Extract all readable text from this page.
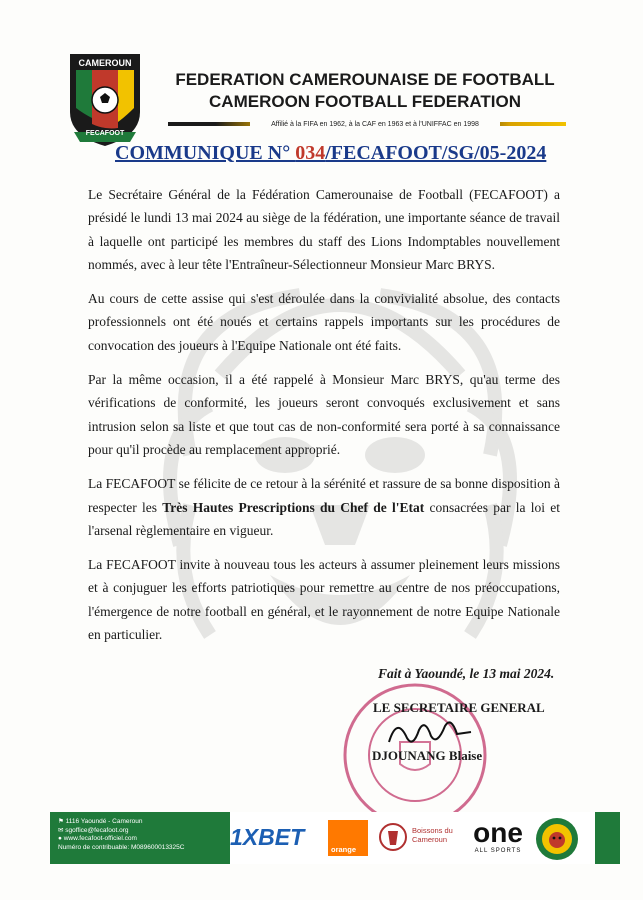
CAMEROUN
FECAFOOT
FEDERATION CAMEROUNAISE DE FOOTBALL
CAMEROON FOOTBALL FEDERATION
Affilié à la FIFA en 1962, à la CAF en 1963 et à l'UNIFFAC en 1998
COMMUNIQUE N° 034/FECAFOOT/SG/05-2024

Le Secrétaire Général de la Fédération Camerounaise de Football (FECAFOOT) a présidé le lundi 13 mai 2024 au siège de la fédération, une importante séance de travail à laquelle ont participé les membres du staff des Lions Indomptables nouvellement nommés, avec à leur tête l'Entraîneur-Sélectionneur Monsieur Marc BRYS.

Au cours de cette assise qui s'est déroulée dans la convivialité absolue, des contacts professionnels ont été noués et certains rappels importants sur les procédures de convocation des joueurs à l'Equipe Nationale ont été faits.

Par la même occasion, il a été rappelé à Monsieur Marc BRYS, qu'au terme des vérifications de conformité, les joueurs seront convoqués exclusivement et sans intrusion selon sa liste et que tout cas de non-conformité sera porté à sa connaissance pour qu'il procède au remplacement approprié.

La FECAFOOT se félicite de ce retour à la sérénité et rassure de sa bonne disposition à respecter les Très Hautes Prescriptions du Chef de l'Etat consacrées par la loi et l'arsenal règlementaire en vigueur.

La FECAFOOT invite à nouveau tous les acteurs à assumer pleinement leurs missions et à conjuguer les efforts patriotiques pour remettre au centre de nos préoccupations, l'émergence de notre football en général, et le rayonnement de notre Equipe Nationale en particulier.

Fait à Yaoundé, le 13 mai 2024.
LE SECRETAIRE GENERAL
DJOUNANG Blaise
⚑ 1116 Yaoundé - Cameroun
✉ sgoffice@fecafoot.org
● www.fecafoot-officiel.com
Numéro de contribuable: M089600013325C	1XBET	orange
Boissons du Cameroun one
ALL SPORTS
